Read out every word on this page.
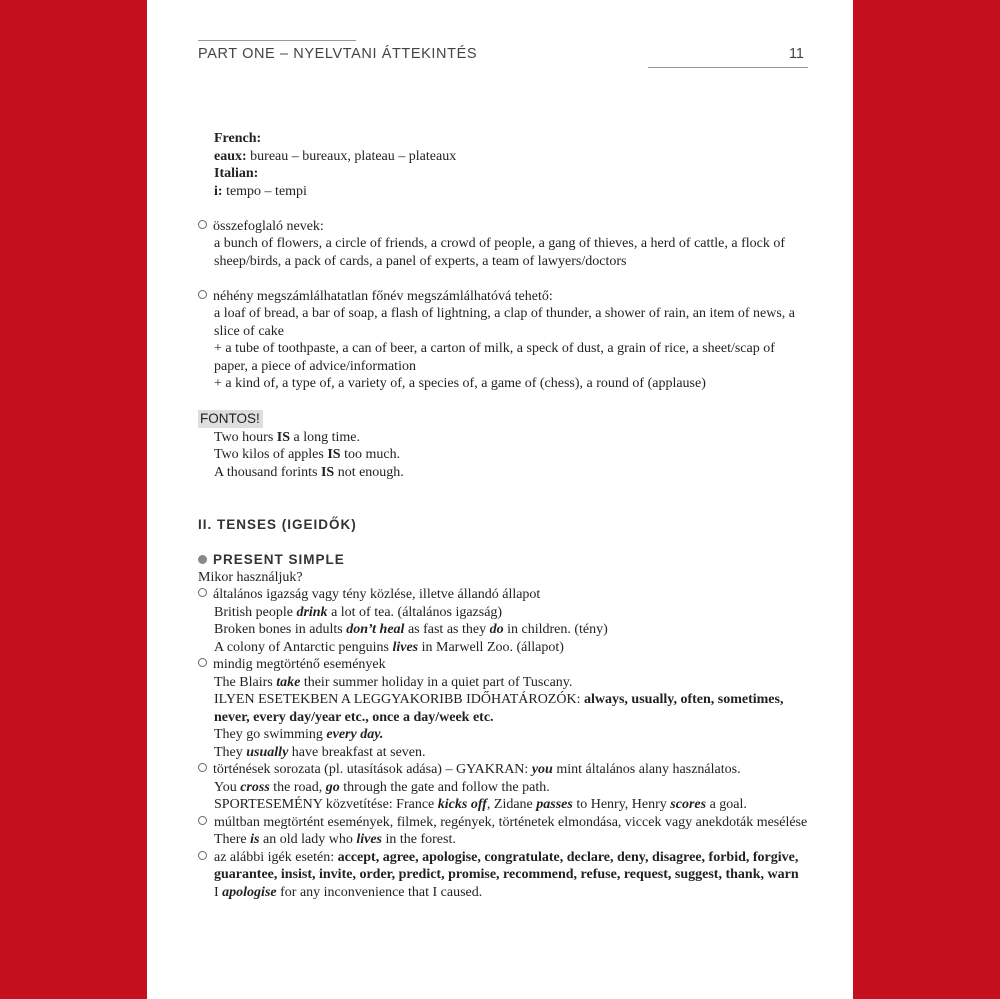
PART ONE – NYELVTANI ÁTTEKINTÉS	11
French:
eaux: bureau – bureaux, plateau – plateaux
Italian:
i: tempo – tempi
összefoglaló nevek:
a bunch of flowers, a circle of friends, a crowd of people, a gang of thieves, a herd of cattle, a flock of sheep/birds, a pack of cards, a panel of experts, a team of lawyers/doctors
néhény megszámlálhatatlan főnév megszámlálhatóvá tehető:
a loaf of bread, a bar of soap, a flash of lightning, a clap of thunder, a shower of rain, an item of news, a slice of cake
+ a tube of toothpaste, a can of beer, a carton of milk, a speck of dust, a grain of rice, a sheet/scap of paper, a piece of advice/information
+ a kind of, a type of, a variety of, a species of, a game of (chess), a round of (applause)
FONTOS!
Two hours IS a long time.
Two kilos of apples IS too much.
A thousand forints IS not enough.
II. TENSES (IGEIDŐK)
PRESENT SIMPLE
Mikor használjuk?
általános igazság vagy tény közlése, illetve állandó állapot
British people drink a lot of tea. (általános igazság)
Broken bones in adults don’t heal as fast as they do in children. (tény)
A colony of Antarctic penguins lives in Marwell Zoo. (állapot)
mindig megtörténő események
The Blairs take their summer holiday in a quiet part of Tuscany.
ILYEN ESETEKBEN A LEGGYAKORIBB IDŐHATÁROZÓK: always, usually, often, sometimes, never, every day/year etc., once a day/week etc.
They go swimming every day.
They usually have breakfast at seven.
történések sorozata (pl. utasítások adása) – GYAKRAN: you mint általános alany használatos.
You cross the road, go through the gate and follow the path.
SPORTESEMÉNY közvetítése: France kicks off, Zidane passes to Henry, Henry scores a goal.
múltban megtörtént események, filmek, regények, történetek elmondása, viccek vagy anekdoták mesélése
There is an old lady who lives in the forest.
az alábbi igék esetén: accept, agree, apologise, congratulate, declare, deny, disagree, forbid, forgive, guarantee, insist, invite, order, predict, promise, recommend, refuse, request, suggest, thank, warn
I apologise for any inconvenience that I caused.
